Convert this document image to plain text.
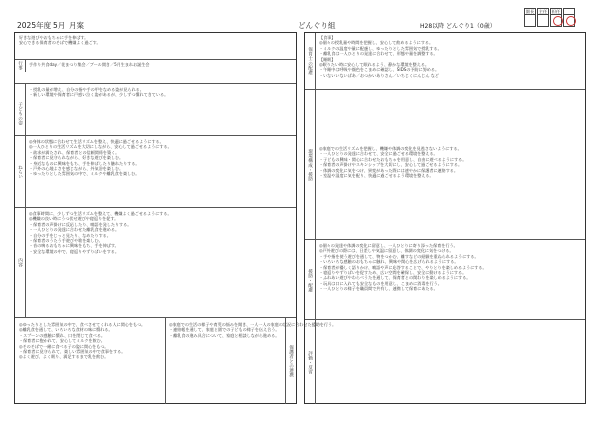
2025年度 5月 月案	どんぐり組	H28以降 どんぐり1（0歳）
園長 主任 担任
好きな遊びやおもちゃに手を伸ばす。
安心できる保育者のそばで機嫌よく過ごす。
行事	手作り共食day／花まつり集会／ブール開き／5月生まれお誕生会
子どもの姿
・授乳の量が増え、自分の指や手の甲をなめる姿が見られる。
・新しい環境や保育者に戸惑い泣く姿があるが、少しずつ慣れてきている。
ねらい
◎身体の状態に合わせて生活リズムを整え、快適に過ごせるようにする。
◎一人ひとりの生活リズムを大切にしながら、安心して過ごせるようにする。
・欲求が満たされ、保育者との信頼関係を築く。
・保育者に見守られながら、好きな遊びを楽しむ。
・身近なものに興味をもち、手を伸ばしたり触れたりする。
・戸外の心地よさを感じながら、外気浴を楽しむ。
・ゆったりとした雰囲気の中で、ミルクや離乳食を楽しむ。
内容
◎食事時間に、少しずつ生活リズムを整えて、機嫌よく過ごせるようにする。
◎機嫌の良い時にうつ伏せ遊びや寝返りを促す。
・保育者の声掛けに反応したり、喃語を発したりする。
・一人ひとりの発達に合わせた離乳食を進める。
・自分の手をじっと見たり、なめたりする。
・保育者のうたう手遊びや歌を楽しむ。
・音の鳴るおもちゃに興味をもち、手を伸ばす。
・安全な環境の中で、寝返りやずりばいをする。
◎ゆったりとした雰囲気の中で、食べさせてくれる人に関心をもつ。
◎離乳食を通して、いろいろな食材の味に慣れる。
・スプーンの感触に慣れ、口を閉じて食べる。
・保育者に抱かれて、安心してミルクを飲む。
◎そのそばで一緒に食べる子の姿に関心をもつ。
・保育者に見守られて、楽しい雰囲気の中で食事をする。
◎よく遊び、よく眠り、満足するまで乳を飲む。
◎家庭での生活の様子や育児の悩みを聞き、一人一人の家庭の状況に合わせた援助を行う。
・連絡帳を通して、家庭と園での子どもの様子を伝え合う。
・離乳食の進み具合について、家庭と相談しながら進める。
保護者との連携
保育士の配慮
【食事】
◎個々の授乳量や時間を把握し、安心して飲めるようにする。
・ミルクの温度や量に配慮し、ゆったりとした雰囲気で授乳する。
・離乳食は一人ひとりの発達に合わせて、形態や量を調整する。
【睡眠】
◎眠りたい時に安心して眠れるよう、静かな環境を整える。
・午睡中は呼吸や顔色をこまめに確認し、SIDSの予防に努める。
・いないいないばあ／おつかいありさん／いちじくにんじん など
環境構成・援助
◎家庭での生活リズムを把握し、機嫌や体調の変化を見逃さないようにする。
・一人ひとりの発達に合わせて、安全に過ごせる環境を整える。
・子どもの興味・関心に合わせたおもちゃを用意し、自由に遊べるようにする。
・保育者の声掛けやスキンシップを大切にし、安心して過ごせるようにする。
・体調の変化に気をつけ、異変があった際には速やかに保護者に連絡する。
・室温や湿度に気を配り、快適に過ごせるよう環境を整える。
援助・配慮
◎個々の発達や体調の変化に留意し、一人ひとりに寄り添った保育を行う。
◎戸外遊びの際には、日差しや気温に留意し、体調の変化に気をつける。
・手や指を使う遊びを通して、物をつかむ、離すなどの経験を重ねられるようにする。
・いろいろな感触のおもちゃに触れ、興味や関心を広げられるようにする。
・保育者が優しく語りかけ、喃語や声に応答することで、やりとりを楽しめるようにする。
・寝返りやずりばいを促すため、広い空間を確保し、安全に動けるようにする。
・ふれあい遊びやわらべうたを通して、保育者との関わりを楽しめるようにする。
・玩具は口に入れても安全なものを用意し、こまめに消毒を行う。
・一人ひとりの様子を職員間で共有し、連携して保育にあたる。
評価・反省
